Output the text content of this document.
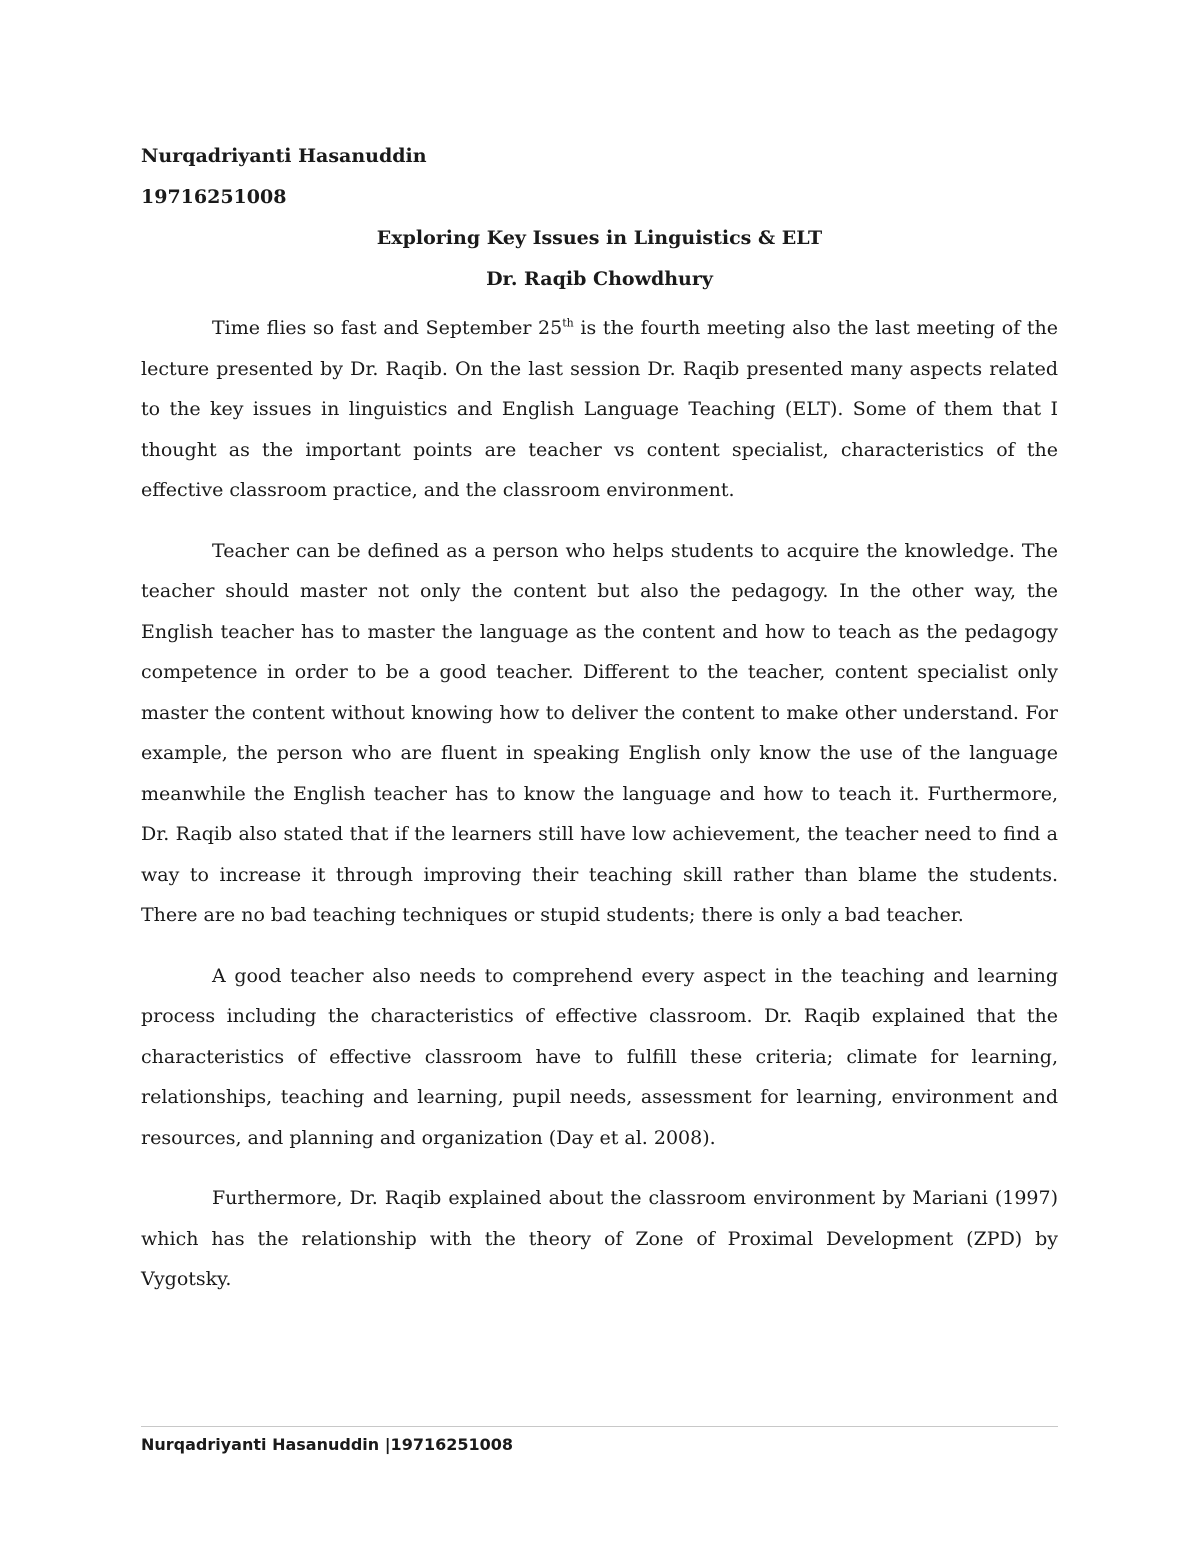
Nurqadriyanti Hasanuddin
19716251008
Exploring Key Issues in Linguistics & ELT
Dr. Raqib Chowdhury

Time flies so fast and September 25th is the fourth meeting also the last meeting of the lecture presented by Dr. Raqib. On the last session Dr. Raqib presented many aspects related to the key issues in linguistics and English Language Teaching (ELT). Some of them that I thought as the important points are teacher vs content specialist, characteristics of the effective classroom practice, and the classroom environment.

Teacher can be defined as a person who helps students to acquire the knowledge. The teacher should master not only the content but also the pedagogy. In the other way, the English teacher has to master the language as the content and how to teach as the pedagogy competence in order to be a good teacher. Different to the teacher, content specialist only master the content without knowing how to deliver the content to make other understand. For example, the person who are fluent in speaking English only know the use of the language meanwhile the English teacher has to know the language and how to teach it. Furthermore, Dr. Raqib also stated that if the learners still have low achievement, the teacher need to find a way to increase it through improving their teaching skill rather than blame the students. There are no bad teaching techniques or stupid students; there is only a bad teacher.

A good teacher also needs to comprehend every aspect in the teaching and learning process including the characteristics of effective classroom. Dr. Raqib explained that the characteristics of effective classroom have to fulfill these criteria; climate for learning, relationships, teaching and learning, pupil needs, assessment for learning, environment and resources, and planning and organization (Day et al. 2008).

Furthermore, Dr. Raqib explained about the classroom environment by Mariani (1997) which has the relationship with the theory of Zone of Proximal Development (ZPD) by Vygotsky.

Nurqadriyanti Hasanuddin |19716251008
